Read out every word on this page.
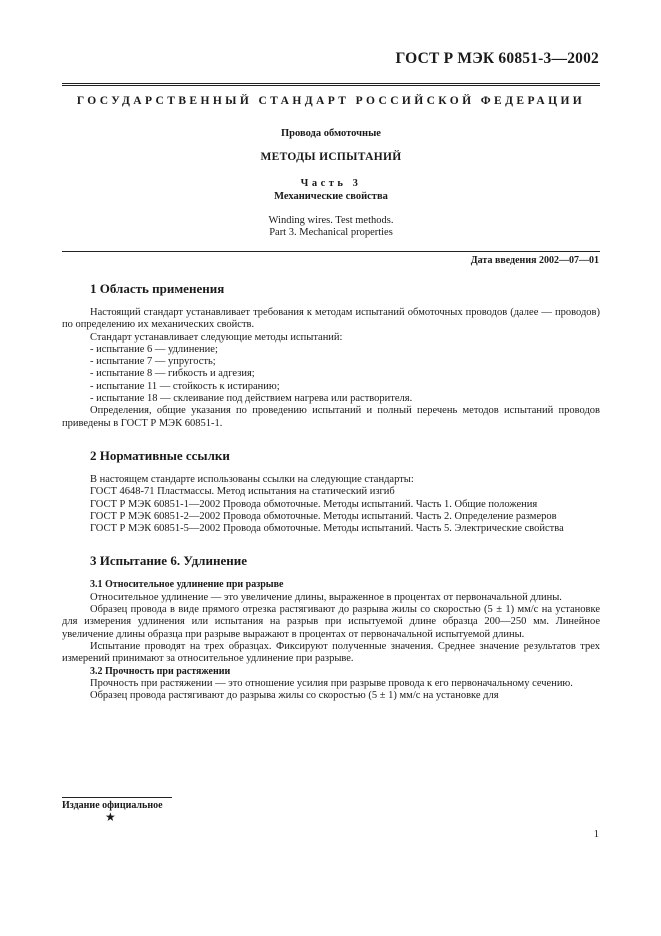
ГОСТ Р МЭК 60851-3—2002
ГОСУДАРСТВЕННЫЙ СТАНДАРТ РОССИЙСКОЙ ФЕДЕРАЦИИ
Провода обмоточные
МЕТОДЫ ИСПЫТАНИЙ
Часть 3
Механические свойства
Winding wires. Test methods.
Part 3. Mechanical properties
Дата введения 2002—07—01
1 Область применения

Настоящий стандарт устанавливает требования к методам испытаний обмоточных проводов (далее — проводов) по определению их механических свойств.

Стандарт устанавливает следующие методы испытаний:

- испытание 6 — удлинение;
- испытание 7 — упругость;
- испытание 8 — гибкость и адгезия;
- испытание 11 — стойкость к истиранию;
- испытание 18 — склеивание под действием нагрева или растворителя.

Определения, общие указания по проведению испытаний и полный перечень методов испытаний проводов приведены в ГОСТ Р МЭК 60851-1.

2 Нормативные ссылки

В настоящем стандарте использованы ссылки на следующие стандарты:

ГОСТ 4648-71 Пластмассы. Метод испытания на статический изгиб

ГОСТ Р МЭК 60851-1—2002 Провода обмоточные. Методы испытаний. Часть 1. Общие положения

ГОСТ Р МЭК 60851-2—2002 Провода обмоточные. Методы испытаний. Часть 2. Определение размеров

ГОСТ Р МЭК 60851-5—2002 Провода обмоточные. Методы испытаний. Часть 5. Электрические свойства

3 Испытание 6. Удлинение
3.1 Относительное удлинение при разрыве

Относительное удлинение — это увеличение длины, выраженное в процентах от первоначальной длины.

Образец провода в виде прямого отрезка растягивают до разрыва жилы со скоростью (5 ± 1) мм/с на установке для измерения удлинения или испытания на разрыв при испытуемой длине образца 200—250 мм. Линейное увеличение длины образца при разрыве выражают в процентах от первоначальной испытуемой длины.

Испытание проводят на трех образцах. Фиксируют полученные значения. Среднее значение результатов трех измерений принимают за относительное удлинение при разрыве.

3.2 Прочность при растяжении

Прочность при растяжении — это отношение усилия при разрыве провода к его первоначальному сечению.

Образец провода растягивают до разрыва жилы со скоростью (5 ± 1) мм/с на установке для

Издание официальное
★
1
